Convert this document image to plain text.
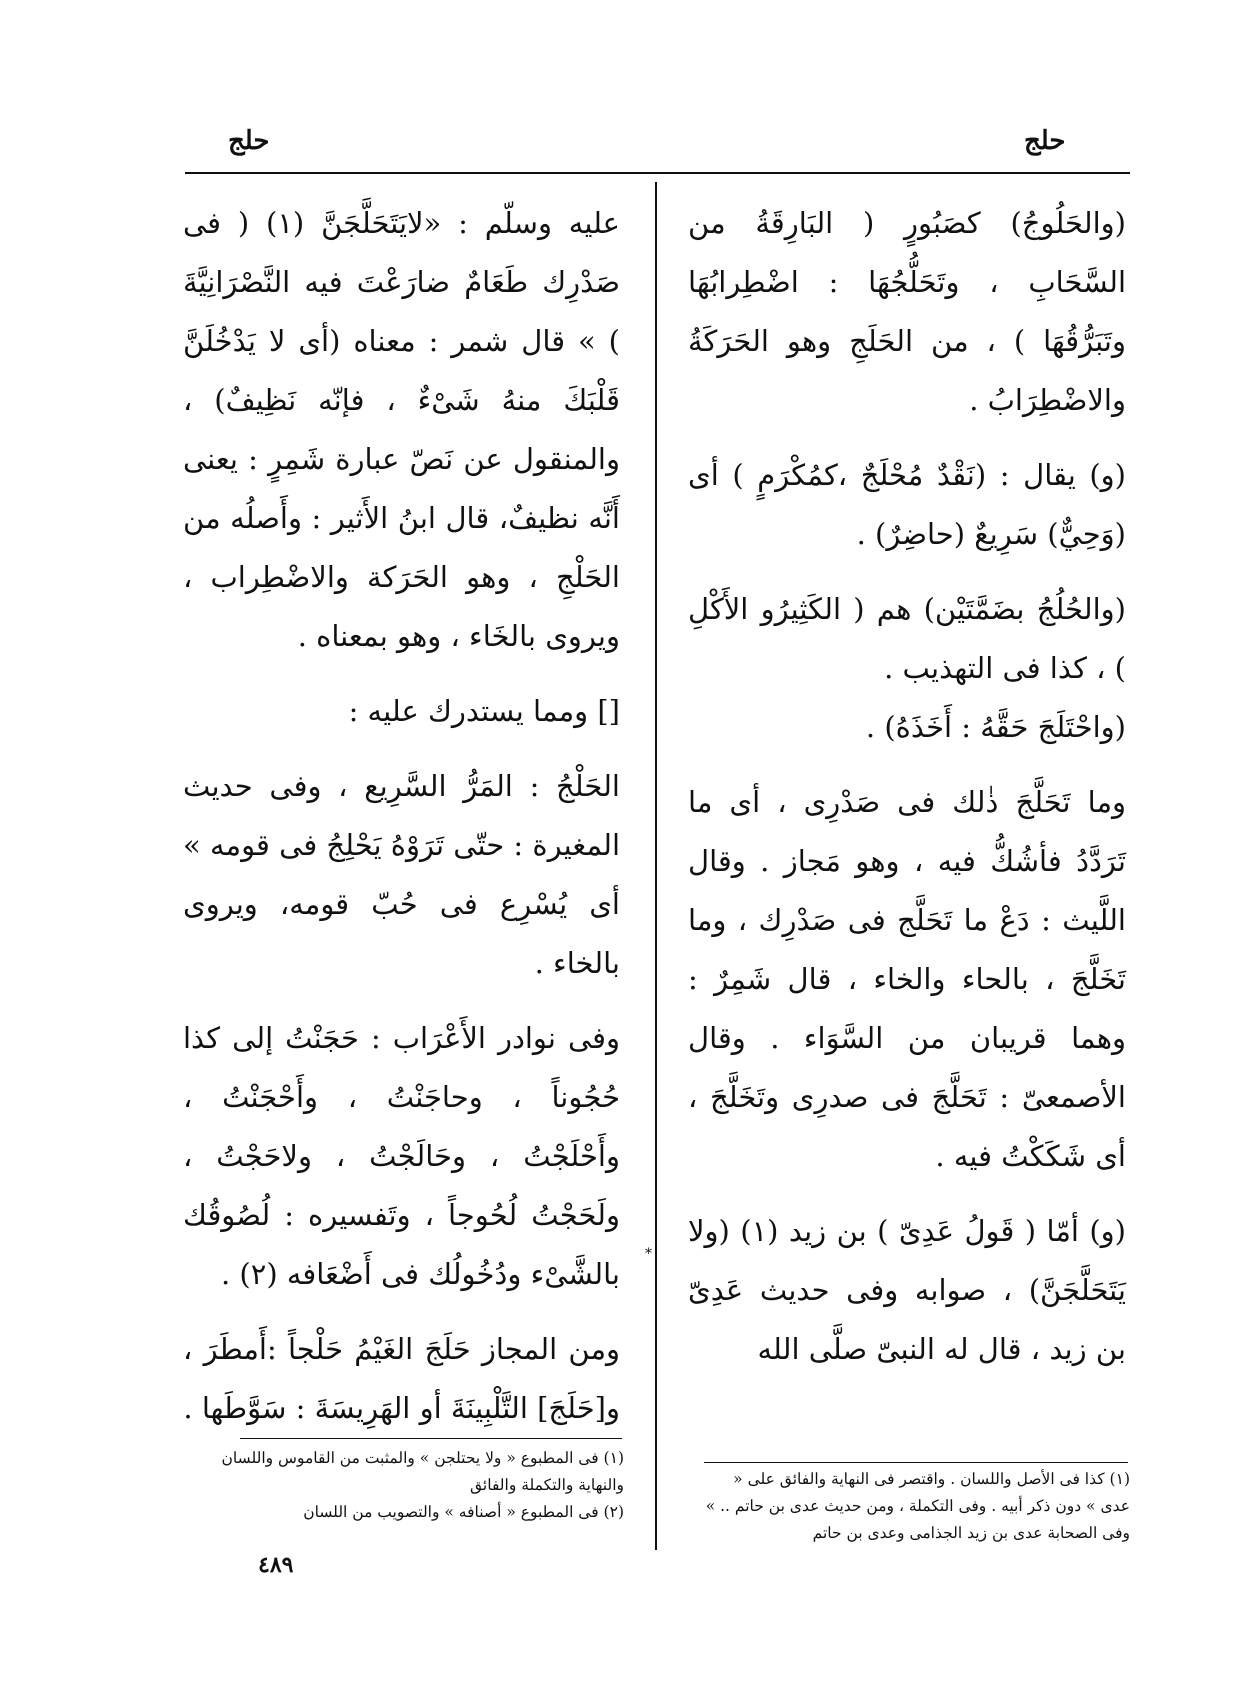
حلج	حلج

(والحَلُوجُ) كصَبُورٍ ( البَارِقَةُ من السَّحَابِ ، وتَحَلُّجُهَا : اضْطِرابُهَا وتَبَرُّقُهَا ) ، من الحَلَجِ وهو الحَرَكَةُ والاضْطِرَابُ .

(و) يقال : (نَقْدٌ مُحْلَجٌ ،كمُكْرَمٍ ) أى (وَحِيٌّ) سَرِيعٌ (حاضِرٌ) .

(والحُلُجُ بضَمَّتَيْن) هم ( الكَثِيرُو الأَكْلِ ) ، كذا فى التهذيب .

(واحْتَلَجَ حَقَّهُ : أَخَذَهُ) .

وما تَحَلَّجَ ذٰلك فى صَدْرِى ، أى ما تَرَدَّدُ فأشُكُّ فيه ، وهو مَجاز . وقال اللَّيث : دَعْ ما تَحَلَّج فى صَدْرِك ، وما تَخَلَّجَ ، بالحاء والخاء ، قال شَمِرٌ : وهما قريبان من السَّوَاء . وقال الأصمعىّ : تَحَلَّجَ فى صدرِى وتَخَلَّجَ ، أى شَكَكْتُ فيه .

(و) أمّا ( قَولُ عَدِىّ ) بن زيد (١) (ولا يَتَحَلَّجَنَّ) ، صوابه وفى حديث عَدِىّ بن زيد ، قال له النبىّ صلَّى الله

عليه وسلّم : «لايَتَحَلَّجَنَّ (١) ( فى صَدْرِك طَعَامٌ ضارَعْتَ فيه النَّصْرَانِيَّةَ ) » قال شمر : معناه (أى لا يَدْخُلَنَّ قَلْبَكَ منهُ شَىْءٌ ، فإنّه نَظِيفٌ) ، والمنقول عن نَصّ عبارة شَمِرٍ : يعنى أَنَّه نظيفٌ، قال ابنُ الأَثير : وأَصلُه من الحَلْجِ ، وهو الحَرَكة والاضْطِراب ، ويروى بالخَاء ، وهو بمعناه .

[] ومما يستدرك عليه :

الحَلْجُ : المَرُّ السَّرِيع ، وفى حديث المغيرة : حتّى تَرَوْهُ يَحْلِجُ فى قومه » أى يُسْرِع فى حُبّ قومه، ويروى بالخاء .

وفى نوادر الأَعْرَاب : حَجَنْتُ إلى كذا حُجُوناً ، وحاجَنْتُ ، وأَحْجَنْتُ ، وأَحْلَجْتُ ، وحَالَجْتُ ، ولاحَجْتُ ، ولَحَجْتُ لُحُوجاً ، وتَفسيره : لُصُوقُك بالشَّىْء ودُخُولُك فى أَضْعَافه (٢) .

ومن المجاز حَلَجَ الغَيْمُ حَلْجاً :أَمطَرَ ، و[حَلَجَ] التَّلْبِينَةَ أو الهَرِيسَةَ : سَوَّطَها .

(١) كذا فى الأصل واللسان . واقتصر فى النهاية والفائق على « عدى » دون ذكر أبيه . وفى التكملة ، ومن حديث عدى بن حاتم .. » وفى الصحابة عدى بن زيد الجذامى وعدى بن حاتم

(١) فى المطبوع « ولا يحتلجن » والمثبت من القاموس واللسان والنهاية والتكملة والفائق

(٢) فى المطبوع « أصنافه » والتصويب من اللسان

*
٤٨٩
